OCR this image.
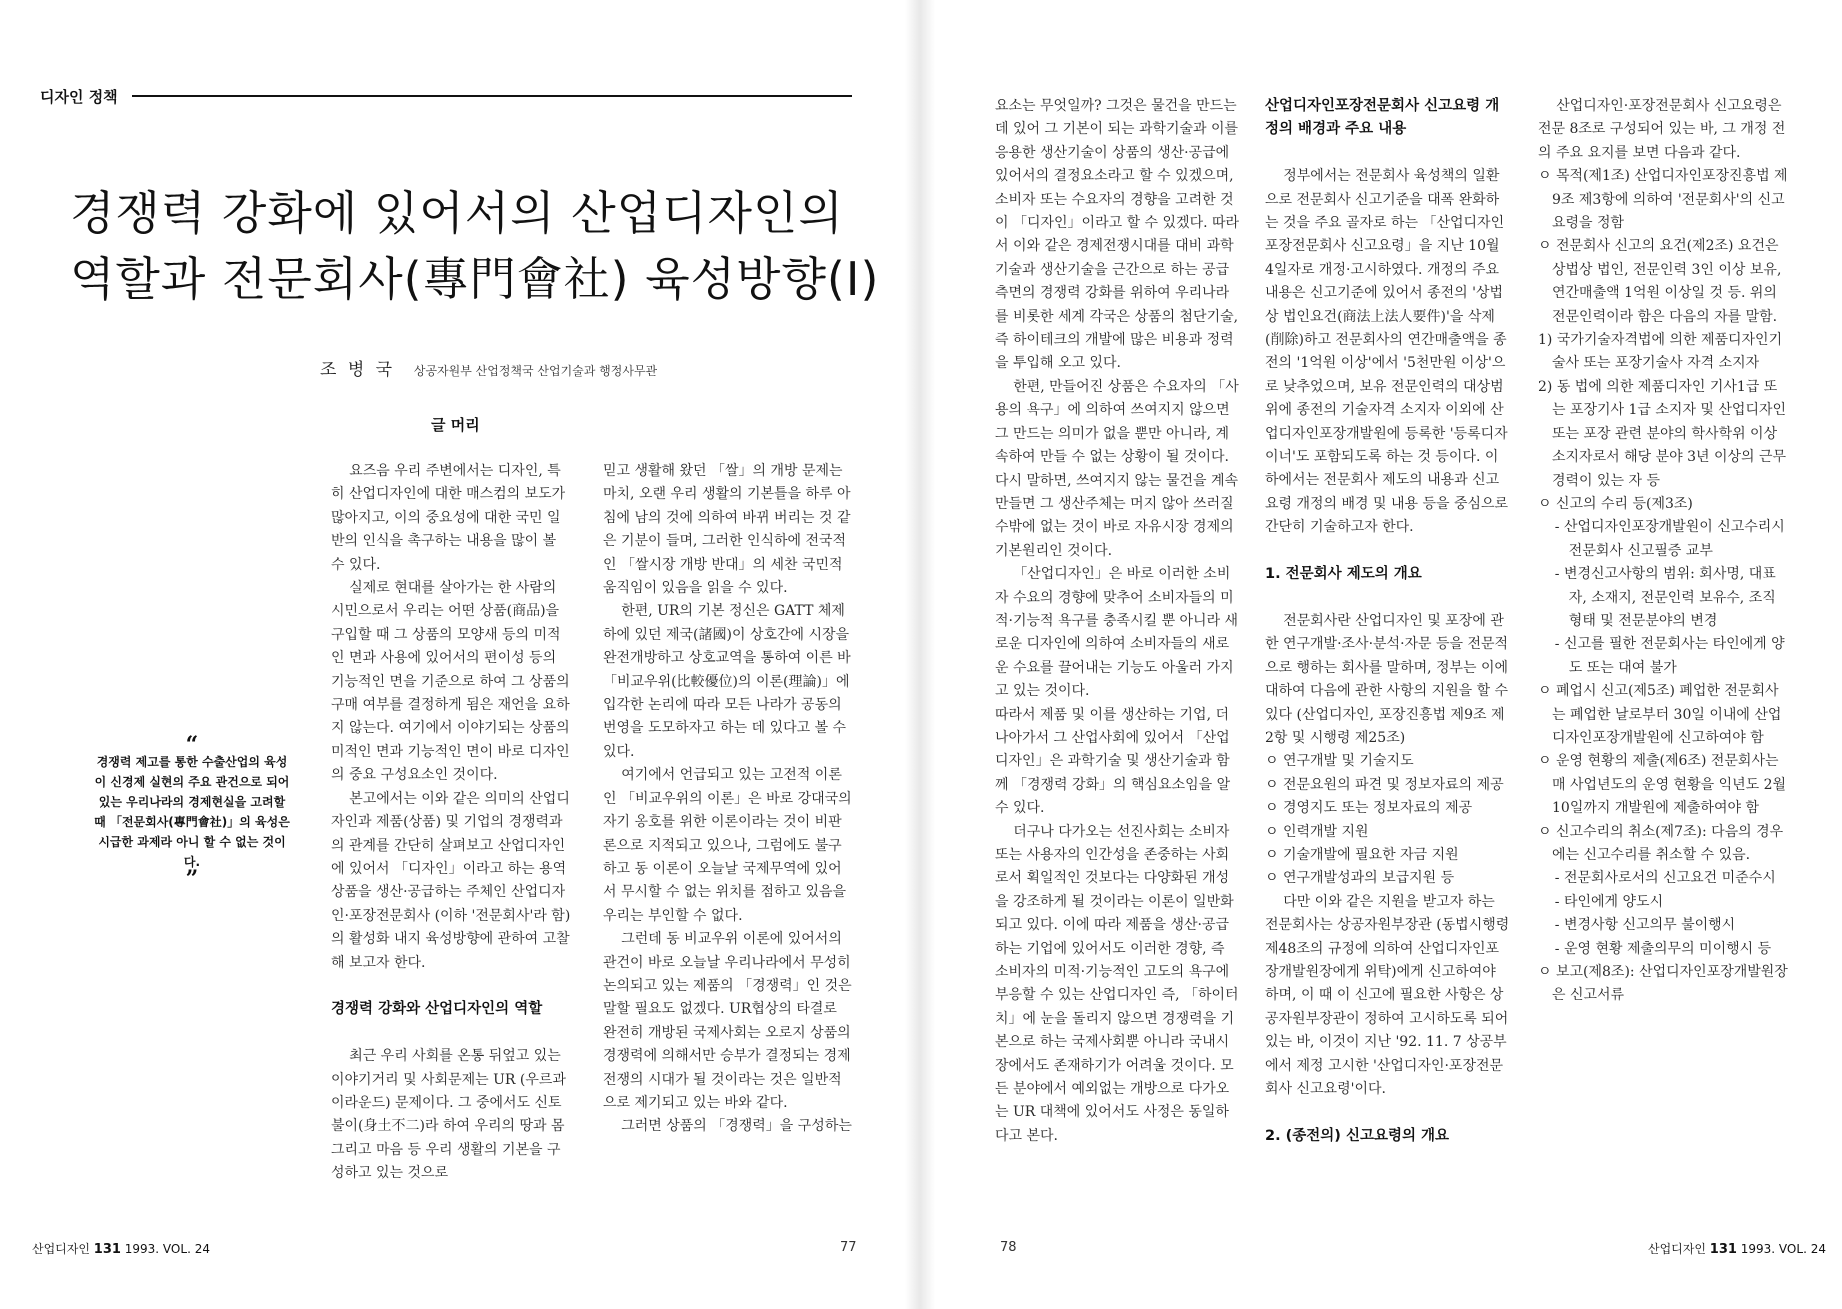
디자인 정책
경쟁력 강화에 있어서의 산업디자인의
역할과 전문회사(專門會社) 육성방향(Ⅰ)
조 병 국 상공자원부 산업정책국 산업기술과 행정사무관
글 머리
“
경쟁력 제고를 통한 수출산업의 육성이 신경제 실현의 주요 관건으로 되어 있는 우리나라의 경제현실을 고려할 때 「전문회사(專門會社)」의 육성은 시급한 과제라 아니 할 수 없는 것이다.
”

요즈음 우리 주변에서는 디자인, 특히 산업디자인에 대한 매스컴의 보도가 많아지고, 이의 중요성에 대한 국민 일반의 인식을 촉구하는 내용을 많이 볼 수 있다.

실제로 현대를 살아가는 한 사람의 시민으로서 우리는 어떤 상품(商品)을 구입할 때 그 상품의 모양새 등의 미적인 면과 사용에 있어서의 편이성 등의 기능적인 면을 기준으로 하여 그 상품의 구매 여부를 결정하게 됨은 재언을 요하지 않는다. 여기에서 이야기되는 상품의 미적인 면과 기능적인 면이 바로 디자인의 중요 구성요소인 것이다.

본고에서는 이와 같은 의미의 산업디자인과 제품(상품) 및 기업의 경쟁력과의 관계를 간단히 살펴보고 산업디자인에 있어서 「디자인」이라고 하는 용역상품을 생산·공급하는 주체인 산업디자인·포장전문회사 (이하 '전문회사'라 함)의 활성화 내지 육성방향에 관하여 고찰해 보고자 한다.

경쟁력 강화와 산업디자인의 역할

최근 우리 사회를 온통 뒤엎고 있는 이야기거리 및 사회문제는 UR (우르과이라운드) 문제이다. 그 중에서도 신토불이(身土不二)라 하여 우리의 땅과 몸 그리고 마음 등 우리 생활의 기본을 구성하고 있는 것으로

믿고 생활해 왔던 「쌀」의 개방 문제는 마치, 오랜 우리 생활의 기본틀을 하루 아침에 남의 것에 의하여 바뀌 버리는 것 같은 기분이 들며, 그러한 인식하에 전국적인 「쌀시장 개방 반대」의 세찬 국민적 움직임이 있음을 읽을 수 있다.

한편, UR의 기본 정신은 GATT 체제하에 있던 제국(諸國)이 상호간에 시장을 완전개방하고 상호교역을 통하여 이른 바 「비교우위(比較優位)의 이론(理論)」에 입각한 논리에 따라 모든 나라가 공동의 번영을 도모하자고 하는 데 있다고 볼 수 있다.

여기에서 언급되고 있는 고전적 이론인 「비교우위의 이론」은 바로 강대국의 자기 옹호를 위한 이론이라는 것이 비판론으로 지적되고 있으나, 그럼에도 불구하고 동 이론이 오늘날 국제무역에 있어서 무시할 수 없는 위치를 점하고 있음을 우리는 부인할 수 없다.

그런데 동 비교우위 이론에 있어서의 관건이 바로 오늘날 우리나라에서 무성히 논의되고 있는 제품의 「경쟁력」인 것은 말할 필요도 없겠다. UR협상의 타결로 완전히 개방된 국제사회는 오로지 상품의 경쟁력에 의해서만 승부가 결정되는 경제전쟁의 시대가 될 것이라는 것은 일반적으로 제기되고 있는 바와 같다.

그러면 상품의 「경쟁력」을 구성하는

산업디자인 131 1993. VOL. 24	77

요소는 무엇일까? 그것은 물건을 만드는 데 있어 그 기본이 되는 과학기술과 이를 응용한 생산기술이 상품의 생산·공급에 있어서의 결정요소라고 할 수 있겠으며, 소비자 또는 수요자의 경향을 고려한 것이 「디자인」이라고 할 수 있겠다. 따라서 이와 같은 경제전쟁시대를 대비 과학기술과 생산기술을 근간으로 하는 공급측면의 경쟁력 강화를 위하여 우리나라를 비롯한 세계 각국은 상품의 첨단기술, 즉 하이테크의 개발에 많은 비용과 정력을 투입해 오고 있다.

한편, 만들어진 상품은 수요자의 「사용의 욕구」에 의하여 쓰여지지 않으면 그 만드는 의미가 없을 뿐만 아니라, 계속하여 만들 수 없는 상황이 될 것이다. 다시 말하면, 쓰여지지 않는 물건을 계속 만들면 그 생산주체는 머지 않아 쓰러질 수밖에 없는 것이 바로 자유시장 경제의 기본원리인 것이다.

「산업디자인」은 바로 이러한 소비자 수요의 경향에 맞추어 소비자들의 미적·기능적 욕구를 충족시킬 뿐 아니라 새로운 디자인에 의하여 소비자들의 새로운 수요를 끌어내는 기능도 아울러 가지고 있는 것이다.

따라서 제품 및 이를 생산하는 기업, 더 나아가서 그 산업사회에 있어서 「산업디자인」은 과학기술 및 생산기술과 함께 「경쟁력 강화」의 핵심요소임을 알 수 있다.

더구나 다가오는 선진사회는 소비자 또는 사용자의 인간성을 존중하는 사회로서 획일적인 것보다는 다양화된 개성을 강조하게 될 것이라는 이론이 일반화되고 있다. 이에 따라 제품을 생산·공급하는 기업에 있어서도 이러한 경향, 즉 소비자의 미적·기능적인 고도의 욕구에 부응할 수 있는 산업디자인 즉, 「하이터치」에 눈을 돌리지 않으면 경쟁력을 기본으로 하는 국제사회뿐 아니라 국내시장에서도 존재하기가 어려울 것이다. 모든 분야에서 예외없는 개방으로 다가오는 UR 대책에 있어서도 사정은 동일하다고 본다.

산업디자인포장전문회사 신고요령 개정의 배경과 주요 내용

정부에서는 전문회사 육성책의 일환으로 전문회사 신고기준을 대폭 완화하는 것을 주요 골자로 하는 「산업디자인포장전문회사 신고요령」을 지난 10월 4일자로 개정·고시하였다. 개정의 주요 내용은 신고기준에 있어서 종전의 '상법상 법인요건(商法上法人要件)'을 삭제(削除)하고 전문회사의 연간매출액을 종전의 '1억원 이상'에서 '5천만원 이상'으로 낮추었으며, 보유 전문인력의 대상범위에 종전의 기술자격 소지자 이외에 산업디자인포장개발원에 등록한 '등록디자이너'도 포함되도록 하는 것 등이다. 이하에서는 전문회사 제도의 내용과 신고요령 개정의 배경 및 내용 등을 중심으로 간단히 기술하고자 한다.

1. 전문회사 제도의 개요

전문회사란 산업디자인 및 포장에 관한 연구개발·조사·분석·자문 등을 전문적으로 행하는 회사를 말하며, 정부는 이에 대하여 다음에 관한 사항의 지원을 할 수 있다 (산업디자인, 포장진흥법 제9조 제2항 및 시행령 제25조)

ㅇ 연구개발 및 기술지도

ㅇ 전문요원의 파견 및 정보자료의 제공

ㅇ 경영지도 또는 정보자료의 제공

ㅇ 인력개발 지원

ㅇ 기술개발에 필요한 자금 지원

ㅇ 연구개발성과의 보급지원 등

다만 이와 같은 지원을 받고자 하는 전문회사는 상공자원부장관 (동법시행령 제48조의 규정에 의하여 산업디자인포장개발원장에게 위탁)에게 신고하여야 하며, 이 때 이 신고에 필요한 사항은 상공자원부장관이 정하여 고시하도록 되어 있는 바, 이것이 지난 '92. 11. 7 상공부에서 제정 고시한 '산업디자인·포장전문회사 신고요령'이다.

2. (종전의) 신고요령의 개요

산업디자인·포장전문회사 신고요령은 전문 8조로 구성되어 있는 바, 그 개정 전의 주요 요지를 보면 다음과 같다.

ㅇ 목적(제1조) 산업디자인포장진흥법 제9조 제3항에 의하여 '전문회사'의 신고요령을 정함

ㅇ 전문회사 신고의 요건(제2조) 요건은 상법상 법인, 전문인력 3인 이상 보유, 연간매출액 1억원 이상일 것 등. 위의 전문인력이라 함은 다음의 자를 말함.

1) 국가기술자격법에 의한 제품디자인기술사 또는 포장기술사 자격 소지자

2) 동 법에 의한 제품디자인 기사1급 또는 포장기사 1급 소지자 및 산업디자인 또는 포장 관련 분야의 학사학위 이상 소지자로서 해당 분야 3년 이상의 근무경력이 있는 자 등

ㅇ 신고의 수리 등(제3조)

- 산업디자인포장개발원이 신고수리시 전문회사 신고필증 교부

- 변경신고사항의 범위: 회사명, 대표자, 소재지, 전문인력 보유수, 조직 형태 및 전문분야의 변경

- 신고를 필한 전문회사는 타인에게 양도 또는 대여 불가

ㅇ 폐업시 신고(제5조) 폐업한 전문회사는 폐업한 날로부터 30일 이내에 산업디자인포장개발원에 신고하여야 함

ㅇ 운영 현황의 제출(제6조) 전문회사는 매 사업년도의 운영 현황을 익년도 2월 10일까지 개발원에 제출하여야 함

ㅇ 신고수리의 취소(제7조): 다음의 경우에는 신고수리를 취소할 수 있음.

- 전문회사로서의 신고요건 미준수시

- 타인에게 양도시

- 변경사항 신고의무 불이행시

- 운영 현황 제출의무의 미이행시 등

ㅇ 보고(제8조): 산업디자인포장개발원장은 신고서류

78	산업디자인 131 1993. VOL. 24
